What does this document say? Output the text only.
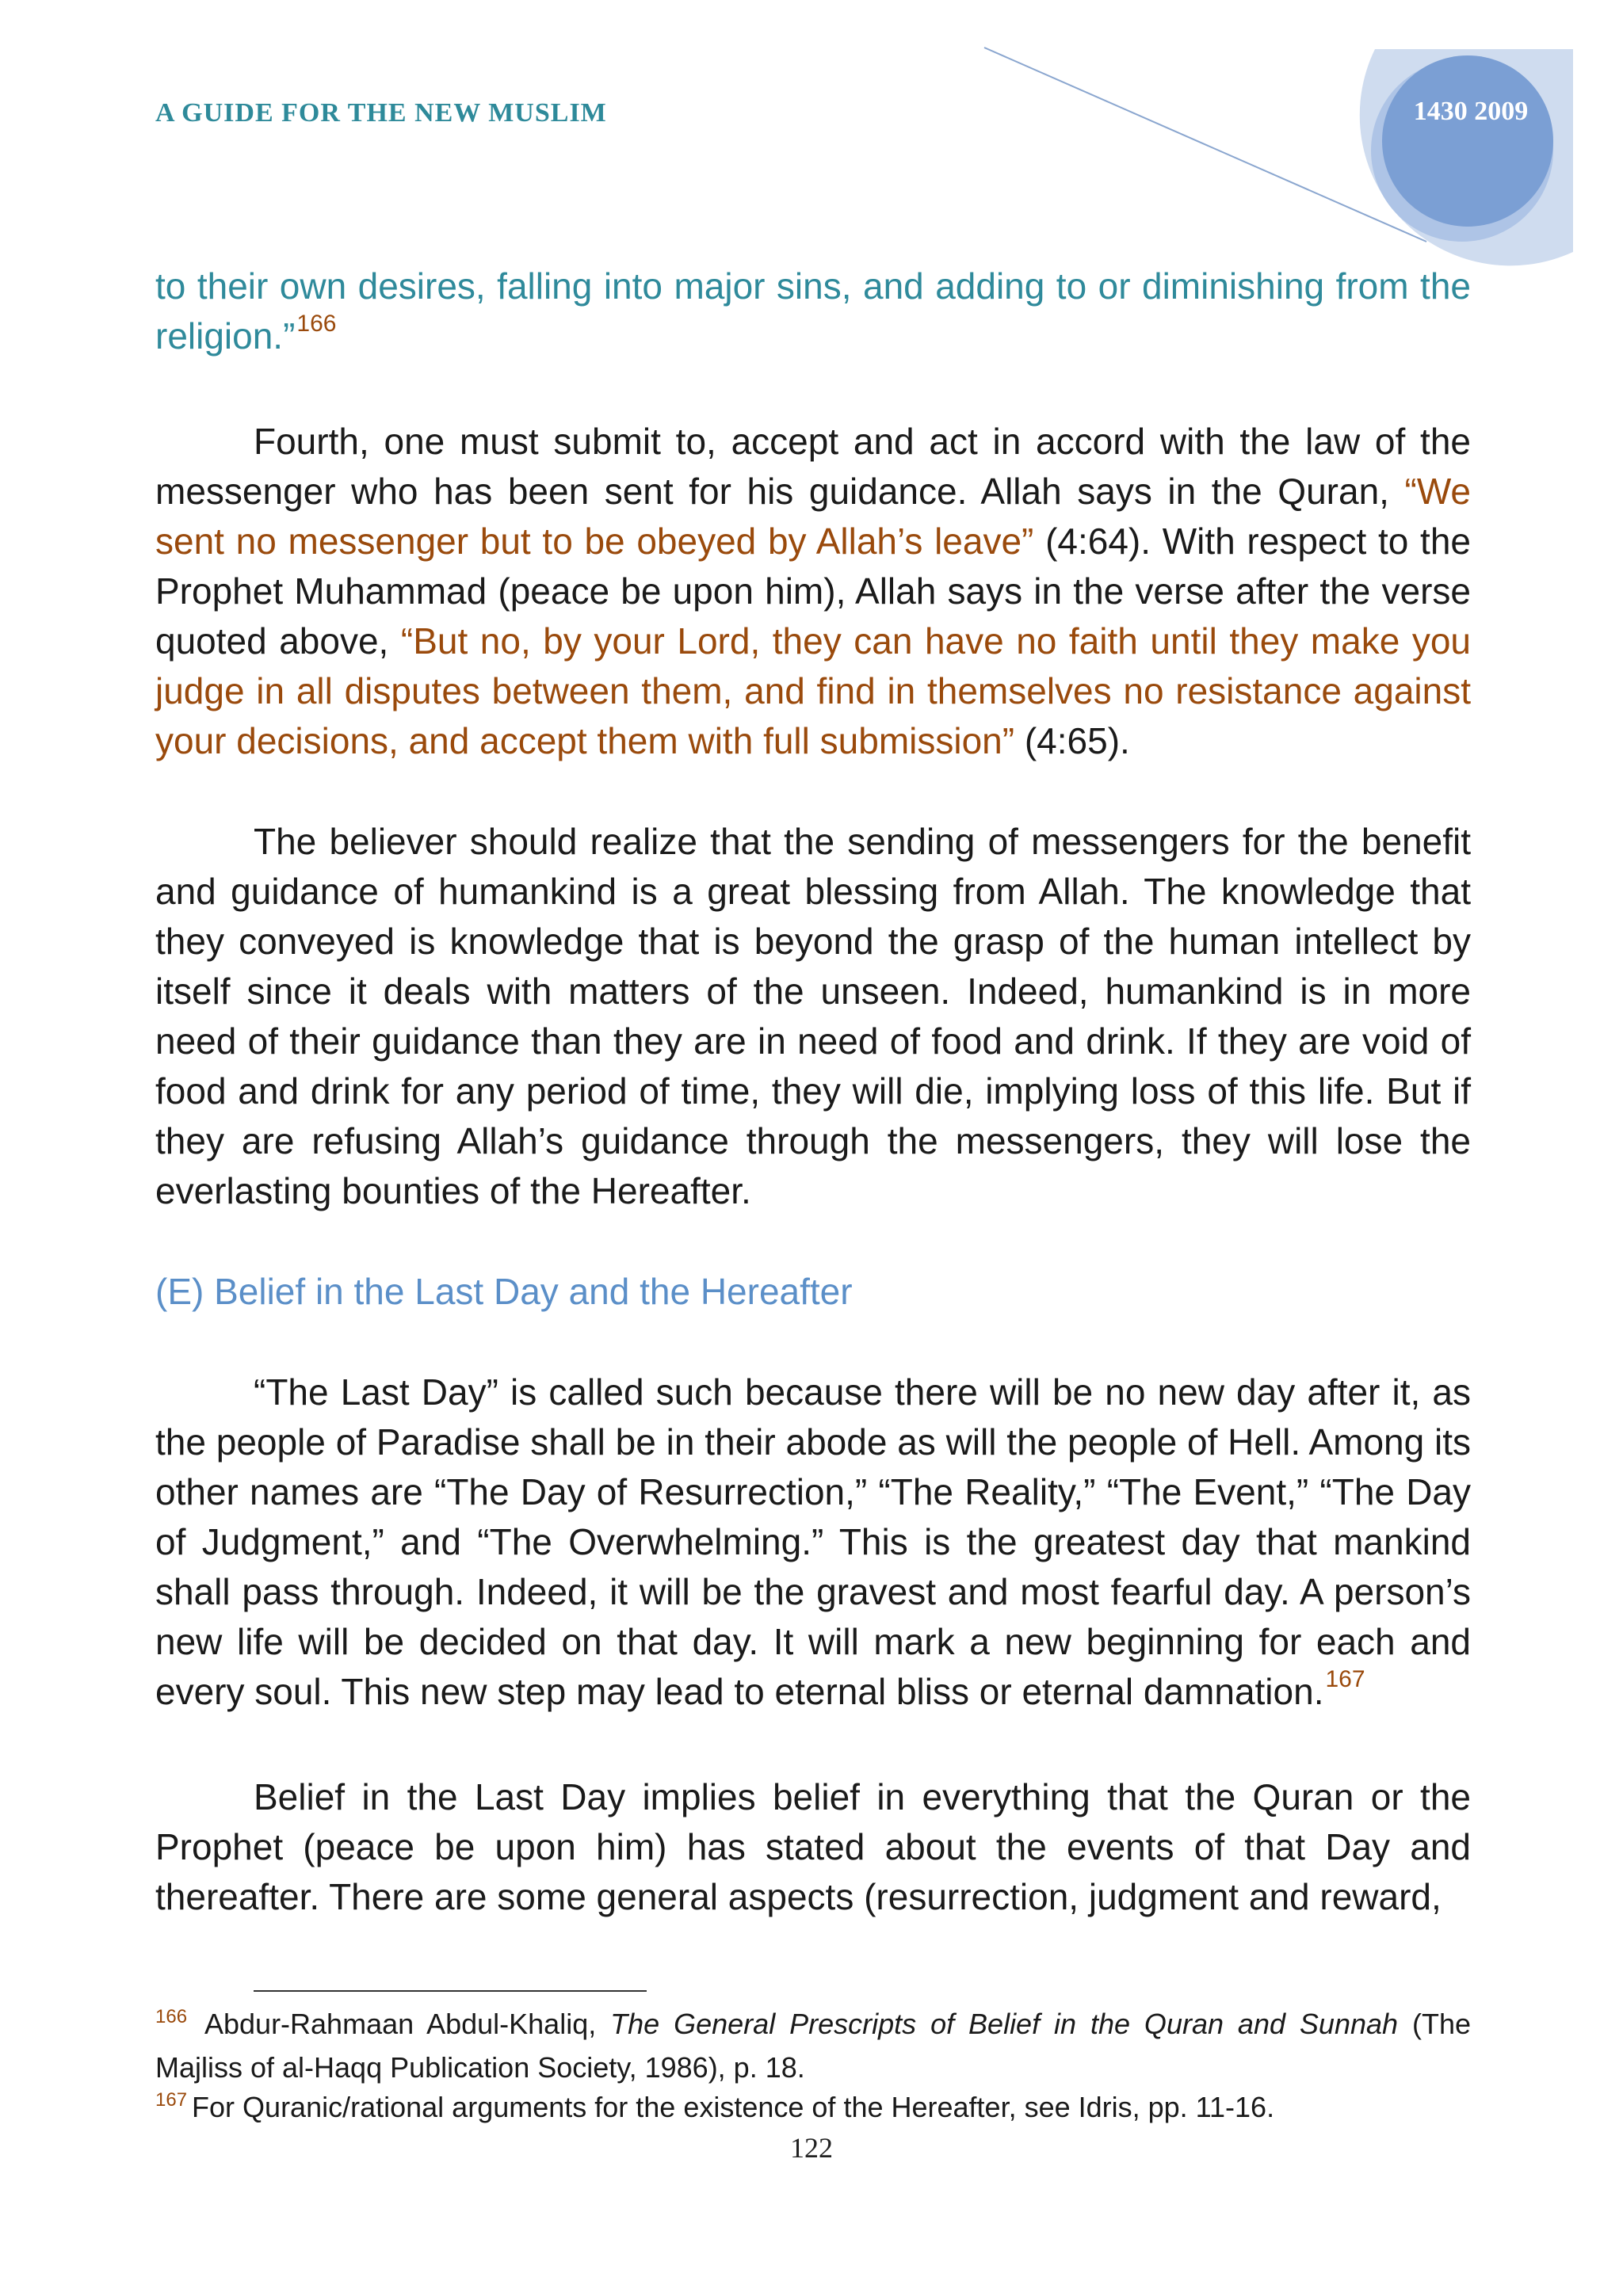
A GUIDE FOR THE NEW MUSLIM	1430 2009

to their own desires, falling into major sins, and adding to or diminishing from the religion.”$^{166}$

Fourth, one must submit to, accept and act in accord with the law of the messenger who has been sent for his guidance. Allah says in the Quran, “We sent no messenger but to be obeyed by Allah’s leave” (4:64). With respect to the Prophet Muhammad (peace be upon him), Allah says in the verse after the verse quoted above, “But no, by your Lord, they can have no faith until they make you judge in all disputes between them, and find in themselves no resistance against your decisions, and accept them with full submission” (4:65).

The believer should realize that the sending of messengers for the benefit and guidance of humankind is a great blessing from Allah. The knowledge that they conveyed is knowledge that is beyond the grasp of the human intellect by itself since it deals with matters of the unseen. Indeed, humankind is in more need of their guidance than they are in need of food and drink. If they are void of food and drink for any period of time, they will die, implying loss of this life. But if they are refusing Allah’s guidance through the messengers, they will lose the everlasting bounties of the Hereafter.

(E) Belief in the Last Day and the Hereafter

“The Last Day” is called such because there will be no new day after it, as the people of Paradise shall be in their abode as will the people of Hell. Among its other names are “The Day of Resurrection,” “The Reality,” “The Event,” “The Day of Judgment,” and “The Overwhelming.” This is the greatest day that mankind shall pass through. Indeed, it will be the gravest and most fearful day. A person’s new life will be decided on that day. It will mark a new beginning for each and every soul. This new step may lead to eternal bliss or eternal damnation.$^{167}$

Belief in the Last Day implies belief in everything that the Quran or the Prophet (peace be upon him) has stated about the events of that Day and thereafter. There are some general aspects (resurrection, judgment and reward,

$^{166}$ Abdur-Rahmaan Abdul-Khaliq, The General Prescripts of Belief in the Quran and Sunnah (The Majliss of al-Haqq Publication Society, 1986), p. 18.

$^{167}$ For Quranic/rational arguments for the existence of the Hereafter, see Idris, pp. 11-16.

122
